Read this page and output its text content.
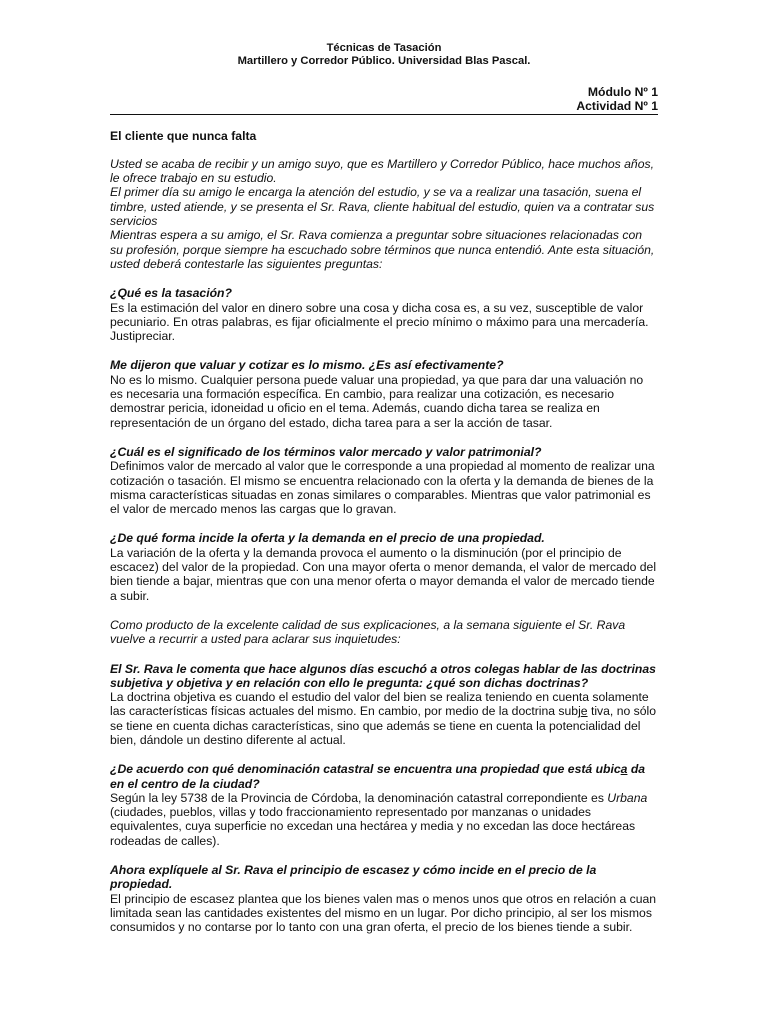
Técnicas de Tasación
Martillero y Corredor Público. Universidad Blas Pascal.
Módulo Nº 1
Actividad Nº 1
El cliente que nunca falta

Usted se acaba de recibir y un amigo suyo, que es Martillero y Corredor Público, hace muchos años, le ofrece trabajo en su estudio.

El primer día su amigo le encarga la atención del estudio, y se va a realizar una tasación, suena el timbre, usted atiende, y se presenta el Sr. Rava, cliente habitual del estudio, quien va a contratar sus servicios

Mientras espera a su amigo, el Sr. Rava comienza a preguntar sobre situaciones relacionadas con su profesión, porque siempre ha escuchado sobre términos que nunca entendió. Ante esta situación, usted deberá contestarle las siguientes preguntas:

¿Qué es la tasación?

Es la estimación del valor en dinero sobre una cosa y dicha cosa es, a su vez, susceptible de valor pecuniario. En otras palabras, es fijar oficialmente el precio mínimo o máximo para una mercadería. Justipreciar.

Me dijeron que valuar y cotizar es lo mismo. ¿Es así efectivamente?

No es lo mismo. Cualquier persona puede valuar una propiedad, ya que para dar una valuación no es necesaria una formación específica. En cambio, para realizar una cotización, es necesario demostrar pericia, idoneidad u oficio en el tema. Además, cuando dicha tarea se realiza en representación de un órgano del estado, dicha tarea para a ser la acción de tasar.

¿Cuál es el significado de los términos valor mercado y valor patrimonial?

Definimos valor de mercado al valor que le corresponde a una propiedad al momento de realizar una cotización o tasación. El mismo se encuentra relacionado con la oferta y la demanda de bienes de la misma características situadas en zonas similares o comparables. Mientras que valor patrimonial es el valor de mercado menos las cargas que lo gravan.

¿De qué forma incide la oferta y la demanda en el precio de una propiedad.

La variación de la oferta y la demanda provoca el aumento o la disminución (por el principio de escacez) del valor de la propiedad. Con una mayor oferta o menor demanda, el valor de mercado del bien tiende a bajar, mientras que con una menor oferta o mayor demanda el valor de mercado tiende a subir.

Como producto de la excelente calidad de sus explicaciones, a la semana siguiente el Sr. Rava vuelve a recurrir a usted para aclarar sus inquietudes:

El Sr. Rava le comenta que hace algunos días escuchó a otros colegas hablar de las doctrinas subjetiva y objetiva y en relación con ello le pregunta: ¿qué son dichas doctrinas?

La doctrina objetiva es cuando el estudio del valor del bien se realiza teniendo en cuenta solamente las características físicas actuales del mismo. En cambio, por medio de la doctrina subje tiva, no sólo se tiene en cuenta dichas características, sino que además se tiene en cuenta la potencialidad del bien, dándole un destino diferente al actual.

¿De acuerdo con qué denominación catastral se encuentra una propiedad que está ubica da en el centro de la ciudad?

Según la ley 5738 de la Provincia de Córdoba, la denominación catastral correpondiente es Urbana (ciudades, pueblos, villas y todo fraccionamiento representado por manzanas o unidades equivalentes, cuya superficie no excedan una hectárea y media y no excedan las doce hectáreas rodeadas de calles).

Ahora explíquele al Sr. Rava el principio de escasez y cómo incide en el precio de la propiedad.

El principio de escasez plantea que los bienes valen mas o menos unos que otros en relación a cuan limitada sean las cantidades existentes del mismo en un lugar. Por dicho principio, al ser los mismos consumidos y no contarse por lo tanto con una gran oferta, el precio de los bienes tiende a subir.
